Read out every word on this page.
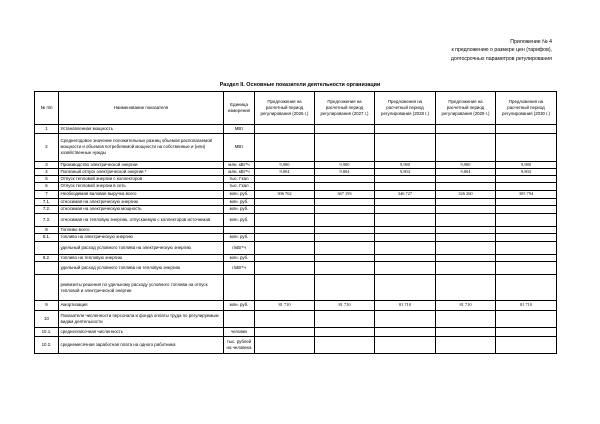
Приложение № 4
к предложению о размере цен (тарифов),
долгосрочных параметров регулирования
Раздел II. Основные показатели деятельности организации
№ п/п	Наименование показателя	Единица измерения	Предложения на расчетный период регулирования (2026 г.)	Предложения на расчетный период регулирования (2027 г.)	Предложения на расчетный период регулирования (2028 г.)	Предложения на расчетный период регулирования (2029 г.)	Предложения на расчетный период регулирования (2030 г.)
1	Установленная мощность	МВт					
2	Среднегодовое значение положительных разниц объемов располагаемой мощности и объемов потребляемой мощности на собственные и (или) хозяйственные нужды	МВт					
3	Производство электрической энергии	млн. кВт*ч	9,980	9,980	9,980	9,980	9,980
4	Полезный отпуск электрической энергии *	млн. кВт*ч	9,804	9,804	9,804	9,804	9,804
5	Отпуск тепловой энергии с коллекторов	тыс. Гкал					
6	Отпуск тепловой энергии в сеть	тыс. Гкал					
7	Необходимая валовая выручка всего	млн. руб.	306 762	367 193	346 727	326 260	305 794
7.1.	относимая на электрическую энергию	млн. руб.					
7.2.	относимая на электрическую мощность	млн. руб.					
7.3.	относимая на тепловую энергию, отпускаемую с коллекторов источников	млн. руб.					
8	Топливо всего						
8.1.	топливо на электрическую энергию	млн. руб.					
	удельный расход условного топлива на электрическую энергию	г/кВт*ч					
8.2.	топливо на тепловую энергию	млн. руб.					
	удельный расход условного топлива на тепловую энергию	г/кВт*ч					
	реквизиты решения по удельному расходу условного топлива на отпуск тепловой и электрической энергии						
9	Амортизация	млн. руб.	81 710	81 710	81 710	81 710	81 710
10	Показатели численности персонала и фонда оплаты труда по регулируемым видам деятельности						
10.1.	среднесписочная численность	человек					
10.2.	среднемесячная заработная плата на одного работника	тыс. рублей на человека					
